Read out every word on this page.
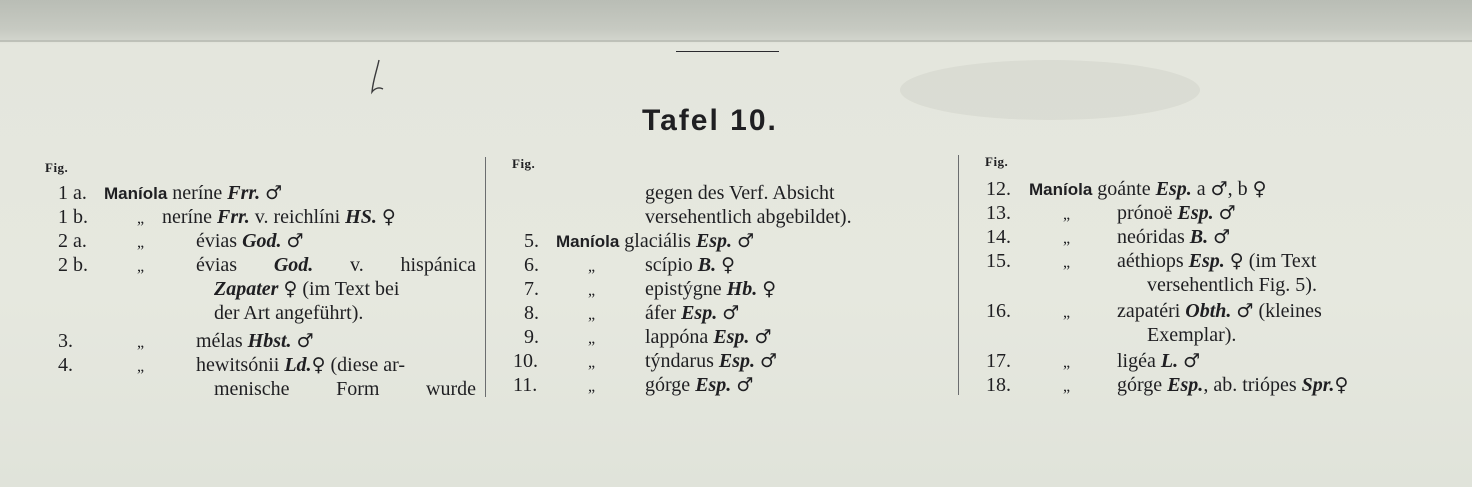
Tafel 10.
Fig.	Fig.	Fig.
1 a. Maníola neríne Frr. ♂
1 b.	„ neríne Frr. v. reichlíni HS. ♀
2 a.	„	évias God. ♂
2 b.	„	évias God. v. hispánica
Zapater ♀ (im Text bei
der Art angeführt).
3.	„	mélas Hbst. ♂
4.	„	hewitsónii Ld.♀ (diese ar-
menische Form wurde
gegen des Verf. Absicht
versehentlich abgebildet).
5. Maníola glaciális Esp. ♂
6.	„ scípio B. ♀
7.	„ epistýgne Hb. ♀
8.	„ áfer Esp. ♂
9.	„ lappóna Esp. ♂
10.	„ týndarus Esp. ♂
11.	„ górge Esp. ♂
12. Maníola goánte Esp. a ♂, b ♀
13.	„ prónoë Esp. ♂
14.	„ neóridas B. ♂
15.	„ aéthiops Esp. ♀ (im Text
versehentlich Fig. 5).
16.	„ zapatéri Obth. ♂ (kleines
Exemplar).
17.	„ ligéa L. ♂
18.	„ górge Esp., ab. triópes Spr.♀
